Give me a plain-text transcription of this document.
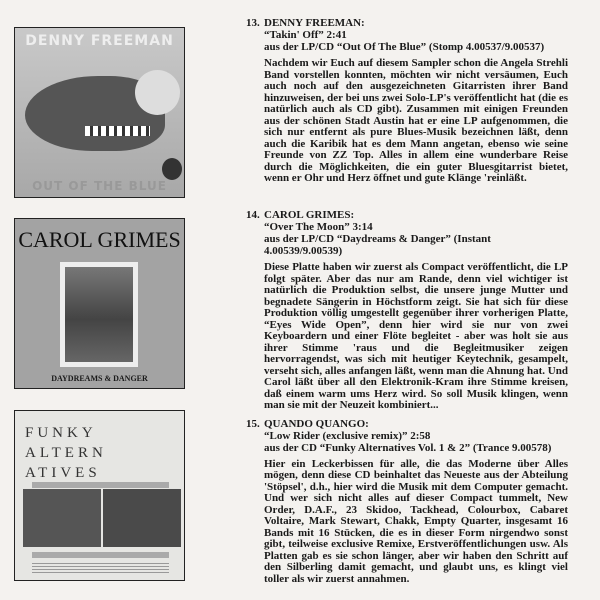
DENNY FREEMAN
OUT OF THE BLUE
CAROL GRIMES
DAYDREAMS & DANGER
FUNKY
ALTERN
ATIVES
13. DENNY FREEMAN:
“Takin' Off” 2:41
aus der LP/CD “Out Of The Blue” (Stomp 4.00537/9.00537)
Nachdem wir Euch auf diesem Sampler schon die Angela Strehli Band vorstellen konnten, möchten wir nicht versäumen, Euch auch noch auf den ausgezeichneten Gitarristen ihrer Band hinzuweisen, der bei uns zwei Solo-LP's veröffentlicht hat (die es natürlich auch als CD gibt). Zusammen mit einigen Freunden aus der schönen Stadt Austin hat er eine LP aufgenommen, die sich nur entfernt als pure Blues-Musik bezeichnen läßt, denn auch die Karibik hat es dem Mann angetan, ebenso wie seine Freunde von ZZ Top. Alles in allem eine wunderbare Reise durch die Möglichkeiten, die ein guter Bluesgitarrist bietet, wenn er Ohr und Herz öffnet und gute Klänge 'reinläßt.
14. CAROL GRIMES:
“Over The Moon” 3:14
aus der LP/CD “Daydreams & Danger” (Instant 4.00539/9.00539)
Diese Platte haben wir zuerst als Compact veröffentlicht, die LP folgt später. Aber das nur am Rande, denn viel wichtiger ist natürlich die Produktion selbst, die unsere junge Mutter und begnadete Sängerin in Höchstform zeigt. Sie hat sich für diese Produktion völlig umgestellt gegenüber ihrer vorherigen Platte, “Eyes Wide Open”, denn hier wird sie nur von zwei Keyboardern und einer Flöte begleitet - aber was holt sie aus ihrer Stimme 'raus und die Begleitmusiker zeigen hervorragendst, was sich mit heutiger Keytechnik, gesampelt, verseht sich, alles anfangen läßt, wenn man die Ahnung hat. Und Carol läßt über all den Elektronik-Kram ihre Stimme kreisen, daß einem warm ums Herz wird. So soll Musik klingen, wenn man sie mit der Neuzeit kombiniert...
15. QUANDO QUANGO:
“Low Rider (exclusive remix)” 2:58
aus der CD “Funky Alternatives Vol. 1 & 2” (Trance 9.00578)
Hier ein Leckerbissen für alle, die das Moderne über Alles mögen, denn diese CD beinhaltet das Neueste aus der Abteilung 'Stöpsel', d.h., hier wird die Musik mit dem Computer gemacht. Und wer sich nicht alles auf dieser Compact tummelt, New Order, D.A.F., 23 Skidoo, Tackhead, Colourbox, Cabaret Voltaire, Mark Stewart, Chakk, Empty Quarter, insgesamt 16 Bands mit 16 Stücken, die es in dieser Form nirgendwo sonst gibt, teilweise exclusive Remixe, Erstveröffentlichungen usw. Als Platten gab es sie schon länger, aber wir haben den Schritt auf den Silberling damit gemacht, und glaubt uns, es klingt viel toller als wir zuerst annahmen.
